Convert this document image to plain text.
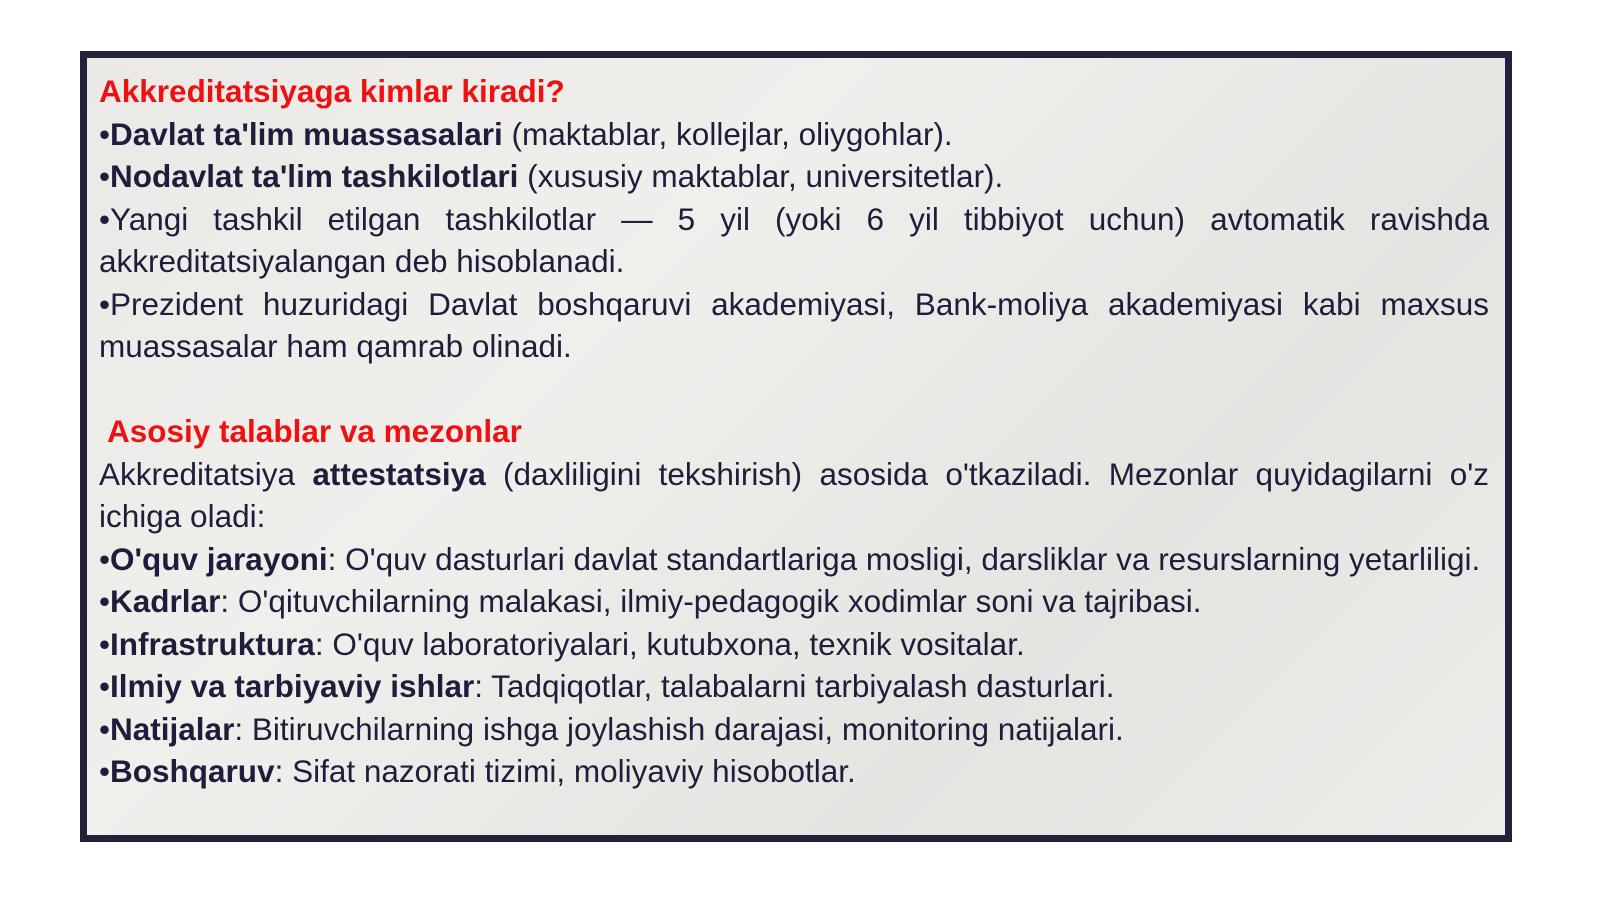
Akkreditatsiyaga kimlar kiradi?

•Davlat ta'lim muassasalari (maktablar, kollejlar, oliygohlar).

•Nodavlat ta'lim tashkilotlari (xususiy maktablar, universitetlar).

•Yangi tashkil etilgan tashkilotlar — 5 yil (yoki 6 yil tibbiyot uchun) avtomatik ravishda akkreditatsiyalangan deb hisoblanadi.

•Prezident huzuridagi Davlat boshqaruvi akademiyasi, Bank-moliya akademiyasi kabi maxsus muassasalar ham qamrab olinadi.

Asosiy talablar va mezonlar

Akkreditatsiya attestatsiya (daxliligini tekshirish) asosida o'tkaziladi. Mezonlar quyidagilarni o'z ichiga oladi:

•O'quv jarayoni: O'quv dasturlari davlat standartlariga mosligi, darsliklar va resurslarning yetarliligi.

•Kadrlar: O'qituvchilarning malakasi, ilmiy-pedagogik xodimlar soni va tajribasi.

•Infrastruktura: O'quv laboratoriyalari, kutubxona, texnik vositalar.

•Ilmiy va tarbiyaviy ishlar: Tadqiqotlar, talabalarni tarbiyalash dasturlari.

•Natijalar: Bitiruvchilarning ishga joylashish darajasi, monitoring natijalari.

•Boshqaruv: Sifat nazorati tizimi, moliyaviy hisobotlar.
